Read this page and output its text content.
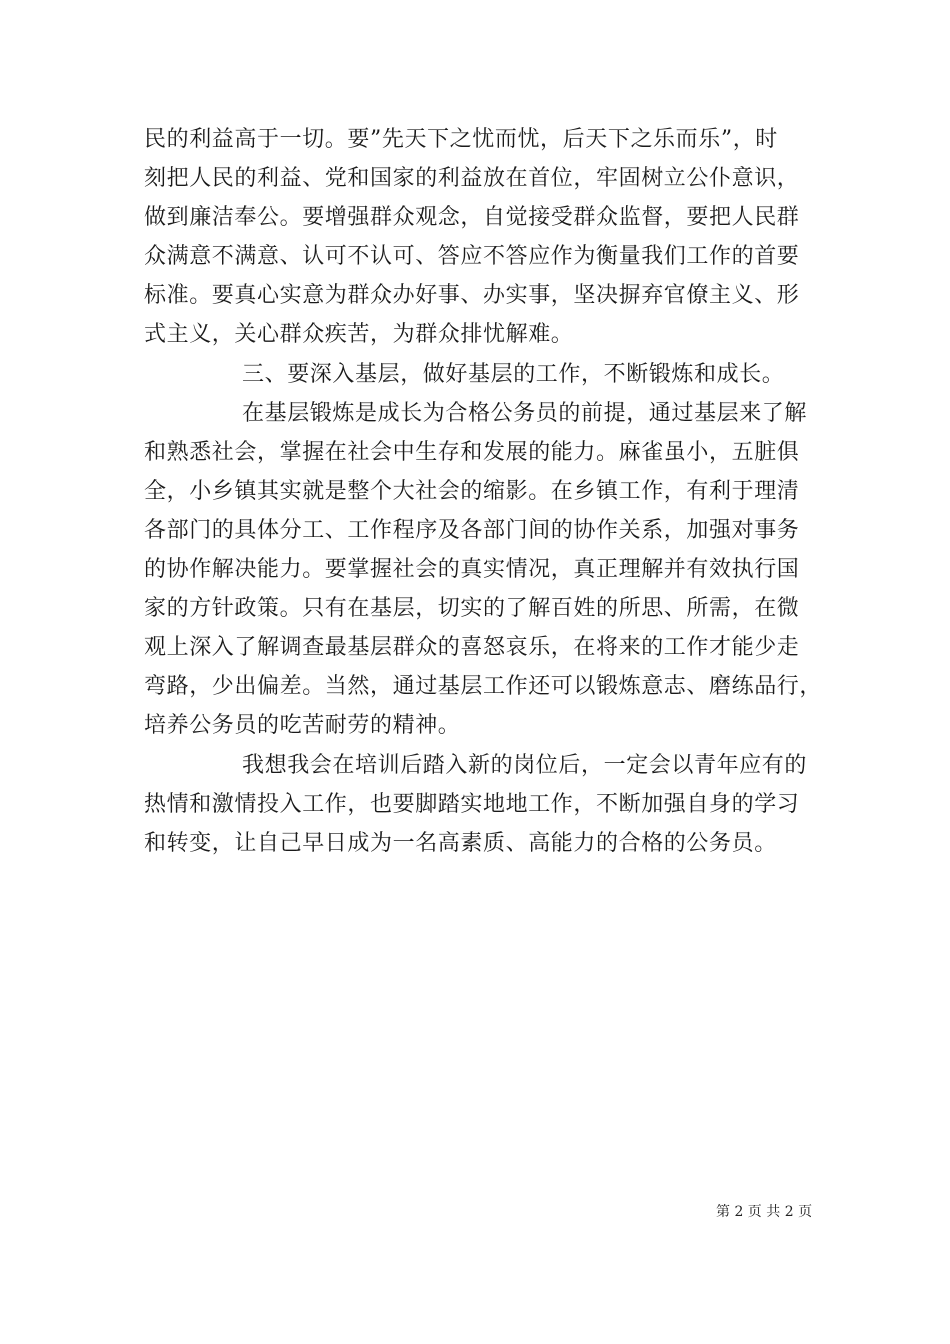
民的利益高于一切。要”先天下之忧而忧，后天下之乐而乐”，时
刻把人民的利益、党和国家的利益放在首位，牢固树立公仆意识，
做到廉洁奉公。要增强群众观念，自觉接受群众监督，要把人民群
众满意不满意、认可不认可、答应不答应作为衡量我们工作的首要
标准。要真心实意为群众办好事、办实事，坚决摒弃官僚主义、形
式主义，关心群众疾苦，为群众排忧解难。
三、要深入基层，做好基层的工作，不断锻炼和成长。
在基层锻炼是成长为合格公务员的前提，通过基层来了解
和熟悉社会，掌握在社会中生存和发展的能力。麻雀虽小，五脏俱
全，小乡镇其实就是整个大社会的缩影。在乡镇工作，有利于理清
各部门的具体分工、工作程序及各部门间的协作关系，加强对事务
的协作解决能力。要掌握社会的真实情况，真正理解并有效执行国
家的方针政策。只有在基层，切实的了解百姓的所思、所需，在微
观上深入了解调查最基层群众的喜怒哀乐，在将来的工作才能少走
弯路，少出偏差。当然，通过基层工作还可以锻炼意志、磨练品行，
培养公务员的吃苦耐劳的精神。
我想我会在培训后踏入新的岗位后，一定会以青年应有的
热情和激情投入工作，也要脚踏实地地工作，不断加强自身的学习
和转变，让自己早日成为一名高素质、高能力的合格的公务员。
第 2 页 共 2 页
